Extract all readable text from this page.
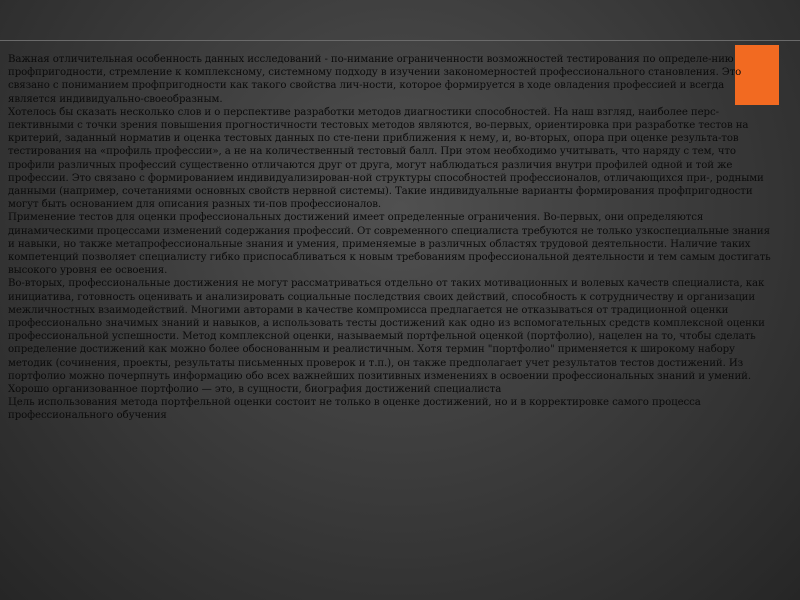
Важная отличительная особенность данных исследований - по-нимание ограниченности возможностей тестирования по определе-нию профпригодности, стремление к комплексному, системному подходу в изучении закономерностей профессионального становления. Это связано с пониманием профпригодности как такого свойства лич-ности, которое формируется в ходе овладения профессией и всегда является индивидуально-своеобразным.

Хотелось бы сказать несколько слов и о перспективе разработки методов диагностики способностей. На наш взгляд, наиболее перс-пективными с точки зрения повышения прогностичности тестовых методов являются, во-первых, ориентировка при разработке тестов на критерий, заданный норматив и оценка тестовых данных по сте-пени приближения к нему, и, во-вторых, опора при оценке результа-тов тестирования на «профиль профессии», а не на количественный тестовый балл. При этом необходимо учитывать, что наряду с тем, что профили различных профессий существенно отличаются друг от друга, могут наблюдаться различия внутри профилей одной и той же профессии. Это связано с формированием индивидуализирован-ной структуры способностей профессионалов, отличающихся при-, родными данными (например, сочетаниями основных свойств нервной системы). Такие индивидуальные варианты формирования профпригодности могут быть основанием для описания разных ти-пов профессионалов.

Применение тестов для оценки профессиональных достижений имеет определенные ограничения. Во-первых, они определяются динамическими процессами изменений содержания профессий. От современного специалиста требуются не только узкоспециальные знания и навыки, но также метапрофессиональные знания и умения, применяемые в различных областях трудовой деятельности. Наличие таких компетенций позволяет специалисту гибко приспосабливаться к новым требованиям профессиональной деятельности и тем самым достигать высокого уровня ее освоения.

Во-вторых, профессиональные достижения не могут рассматриваться отдельно от таких мотивационных и волевых качеств специалиста, как инициатива, готовность оценивать и анализировать социальные последствия своих действий, способность к сотрудничеству и организации межличностных взаимодействий. Многими авторами в качестве компромисса предлагается не отказываться от традиционной оценки профессионально значимых знаний и навыков, а использовать тесты достижений как одно из вспомогательных средств комплексной оценки профессиональной успешности. Метод комплексной оценки, называемый портфельной оценкой (портфолио), нацелен на то, чтобы сделать определение достижений как можно более обоснованным и реалистичным. Хотя термин "портфолио" применяется к широкому набору методик (сочинения, проекты, результаты письменных проверок и т.п.), он также предполагает учет результатов тестов достижений. Из портфолио можно почерпнуть информацию обо всех важнейших позитивных изменениях в освоении профессиональных знаний и умений. Хорошо организованное портфолио — это, в сущности, биография достижений специалиста

Цель использования метода портфельной оценки состоит не только в оценке достижений, но и в корректировке самого процесса профессионального обучения
